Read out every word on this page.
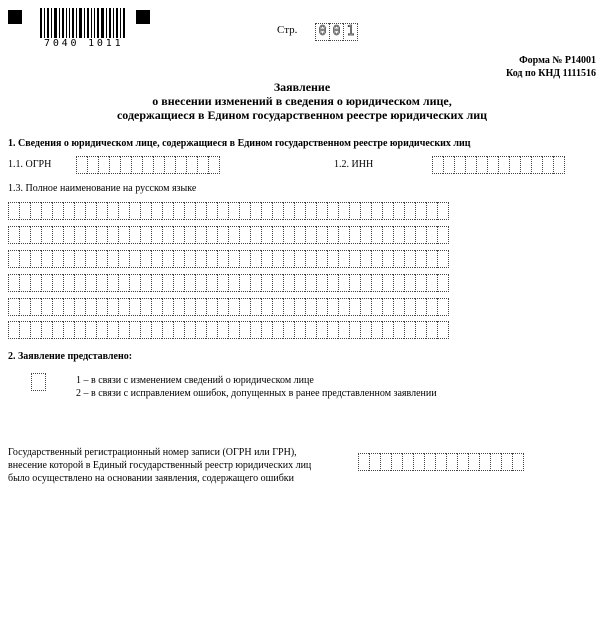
7040 1011
Стр. 0 0 1
Форма № Р14001
Код по КНД 1111516
Заявление
о внесении изменений в сведения о юридическом лице,
содержащиеся в Едином государственном реестре юридических лиц
1. Сведения о юридическом лице, содержащиеся в Едином государственном реестре юридических лиц
1.1. ОГРН	1.2. ИНН
1.3. Полное наименование на русском языке
2. Заявление представлено:
1 – в связи с изменением сведений о юридическом лице
2 – в связи с исправлением ошибок, допущенных в ранее представленном заявлении
Государственный регистрационный номер записи (ОГРН или ГРН),
внесение которой в Единый государственный реестр юридических лиц
было осуществлено на основании заявления, содержащего ошибки
